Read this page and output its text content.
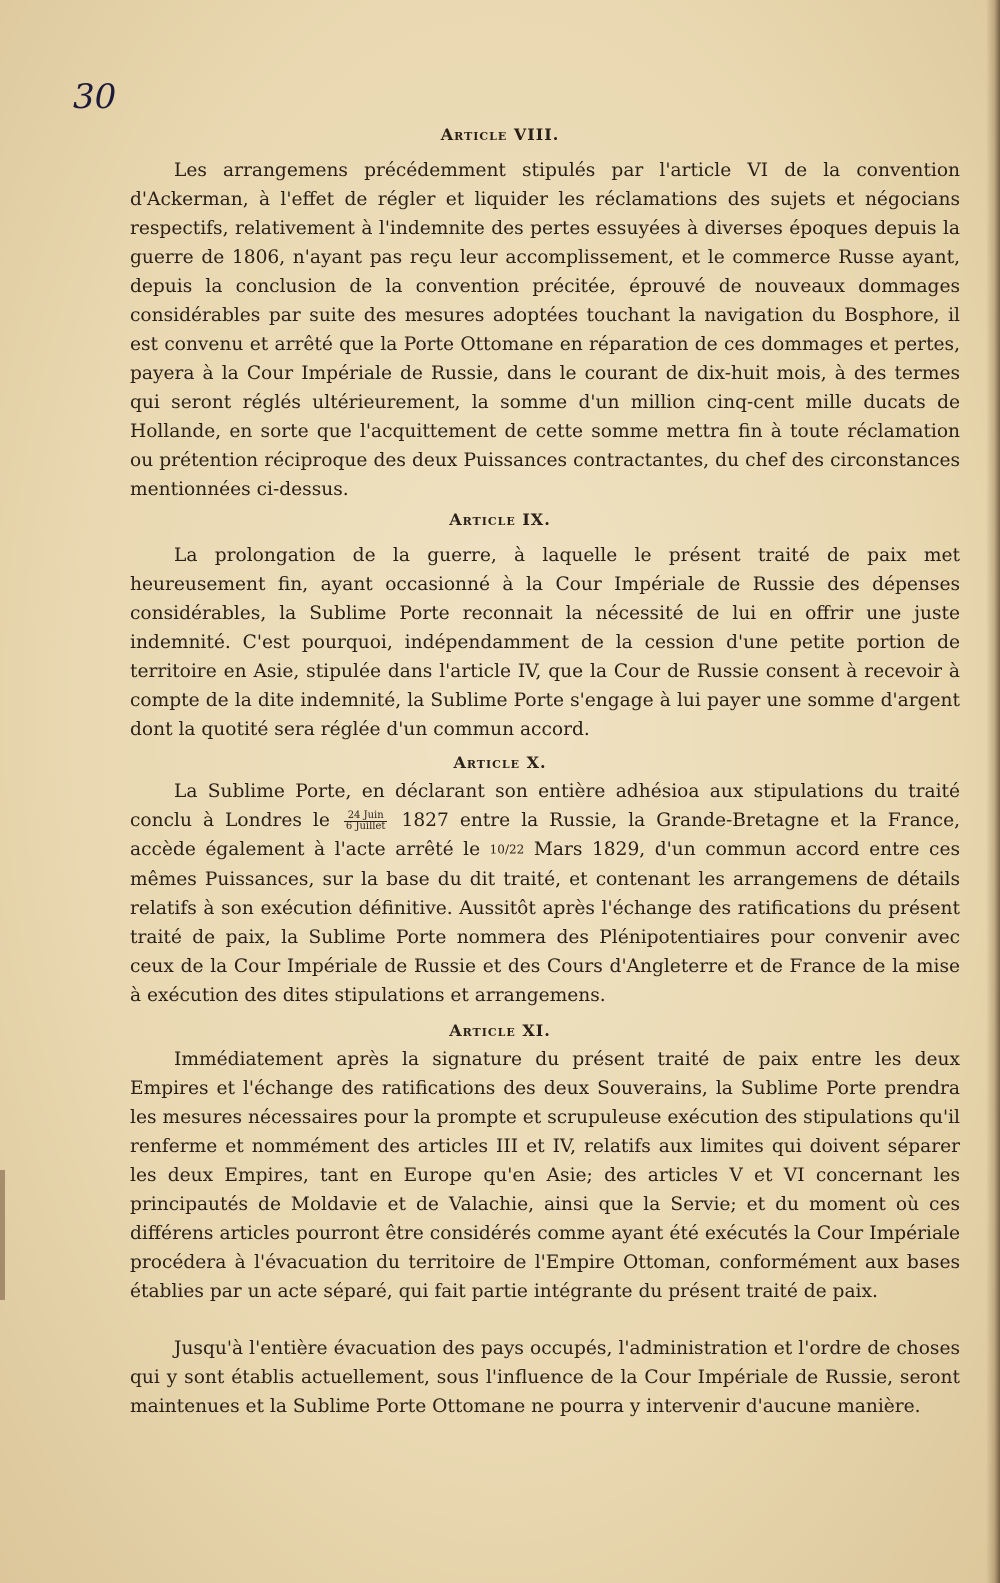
30

Article VIII.

Les arrangemens précédemment stipulés par l'article VI de la convention d'Ackerman, à l'effet de régler et liquider les réclamations des sujets et négocians respectifs, relativement à l'indemnite des pertes essuyées à diverses époques depuis la guerre de 1806, n'ayant pas reçu leur accomplissement, et le commerce Russe ayant, depuis la conclusion de la convention précitée, éprouvé de nouveaux dommages considérables par suite des mesures adoptées touchant la navigation du Bosphore, il est convenu et arrêté que la Porte Ottomane en réparation de ces dommages et pertes, payera à la Cour Impériale de Russie, dans le courant de dix-huit mois, à des termes qui seront réglés ultérieurement, la somme d'un million cinq-cent mille ducats de Hollande, en sorte que l'acquittement de cette somme mettra fin à toute réclamation ou prétention réciproque des deux Puissances contractantes, du chef des circonstances mentionnées ci-dessus.

Article IX.

La prolongation de la guerre, à laquelle le présent traité de paix met heureusement fin, ayant occasionné à la Cour Impériale de Russie des dépenses considérables, la Sublime Porte reconnait la nécessité de lui en offrir une juste indemnité. C'est pourquoi, indépendamment de la cession d'une petite portion de territoire en Asie, stipulée dans l'article IV, que la Cour de Russie consent à recevoir à compte de la dite indemnité, la Sublime Porte s'engage à lui payer une somme d'argent dont la quotité sera réglée d'un commun accord.

Article X.

La Sublime Porte, en déclarant son entière adhésioa aux stipulations du traité conclu à Londres le $\frac{\text{24 Juin}}{\text{6 Juillet}} 1827$ entre la Russie, la Grande-Bretagne et la France, accède également à l'acte arrêté le 10/22 Mars 1829, d'un commun accord entre ces mêmes Puissances, sur la base du dit traité, et contenant les arrangemens de détails relatifs à son exécution définitive. Aussitôt après l'échange des ratifications du présent traité de paix, la Sublime Porte nommera des Plénipotentiaires pour convenir avec ceux de la Cour Impériale de Russie et des Cours d'Angleterre et de France de la mise à exécution des dites stipulations et arrangemens.

Article XI.

Immédiatement après la signature du présent traité de paix entre les deux Empires et l'échange des ratifications des deux Souverains, la Sublime Porte prendra les mesures nécessaires pour la prompte et scrupuleuse exécution des stipulations qu'il renferme et nommément des articles III et IV, relatifs aux limites qui doivent séparer les deux Empires, tant en Europe qu'en Asie; des articles V et VI concernant les principautés de Moldavie et de Valachie, ainsi que la Servie; et du moment où ces différens articles pourront être considérés comme ayant été exécutés la Cour Impériale procédera à l'évacuation du territoire de l'Empire Ottoman, conformément aux bases établies par un acte séparé, qui fait partie intégrante du présent traité de paix.

Jusqu'à l'entière évacuation des pays occupés, l'administration et l'ordre de choses qui y sont établis actuellement, sous l'influence de la Cour Impériale de Russie, seront maintenues et la Sublime Porte Ottomane ne pourra y intervenir d'aucune manière.
